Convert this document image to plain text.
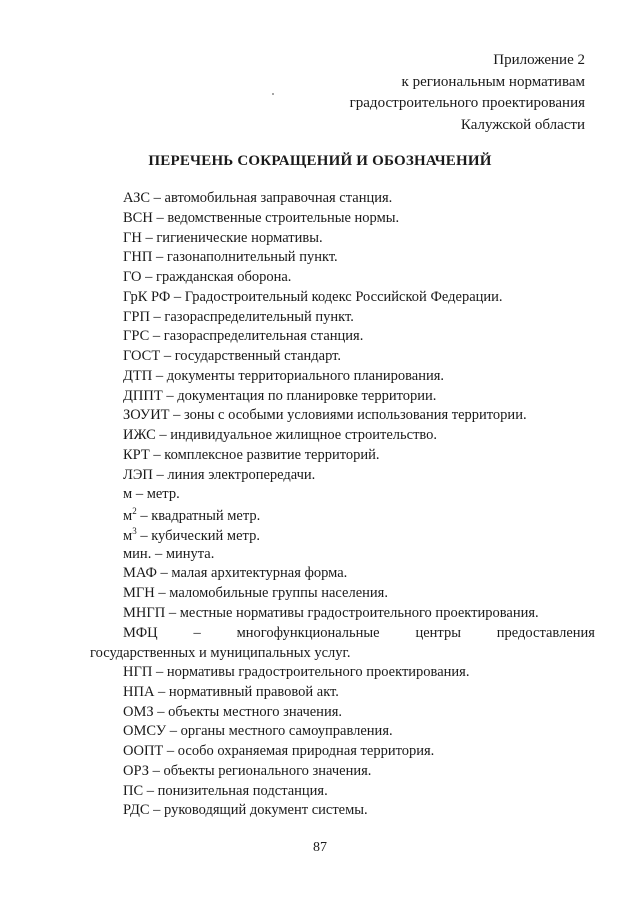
Приложение 2
к региональным нормативам
градостроительного проектирования
Калужской области
ПЕРЕЧЕНЬ СОКРАЩЕНИЙ И ОБОЗНАЧЕНИЙ
АЗС – автомобильная заправочная станция.
ВСН – ведомственные строительные нормы.
ГН – гигиенические нормативы.
ГНП – газонаполнительный пункт.
ГО – гражданская оборона.
ГрК РФ – Градостроительный кодекс Российской Федерации.
ГРП – газораспределительный пункт.
ГРС – газораспределительная станция.
ГОСТ – государственный стандарт.
ДТП – документы территориального планирования.
ДППТ – документация по планировке территории.
ЗОУИТ – зоны с особыми условиями использования территории.
ИЖС – индивидуальное жилищное строительство.
КРТ – комплексное развитие территорий.
ЛЭП – линия электропередачи.
м – метр.
$м^2$ – квадратный метр.
$м^3$ – кубический метр.
мин. – минута.
МАФ – малая архитектурная форма.
МГН – маломобильные группы населения.
МНГП – местные нормативы градостроительного проектирования.
МФЦ – многофункциональные центры предоставления
государственных и муниципальных услуг.
НГП – нормативы градостроительного проектирования.
НПА – нормативный правовой акт.
ОМЗ – объекты местного значения.
ОМСУ – органы местного самоуправления.
ООПТ – особо охраняемая природная территория.
ОРЗ – объекты регионального значения.
ПС – понизительная подстанция.
РДС – руководящий документ системы.
87
